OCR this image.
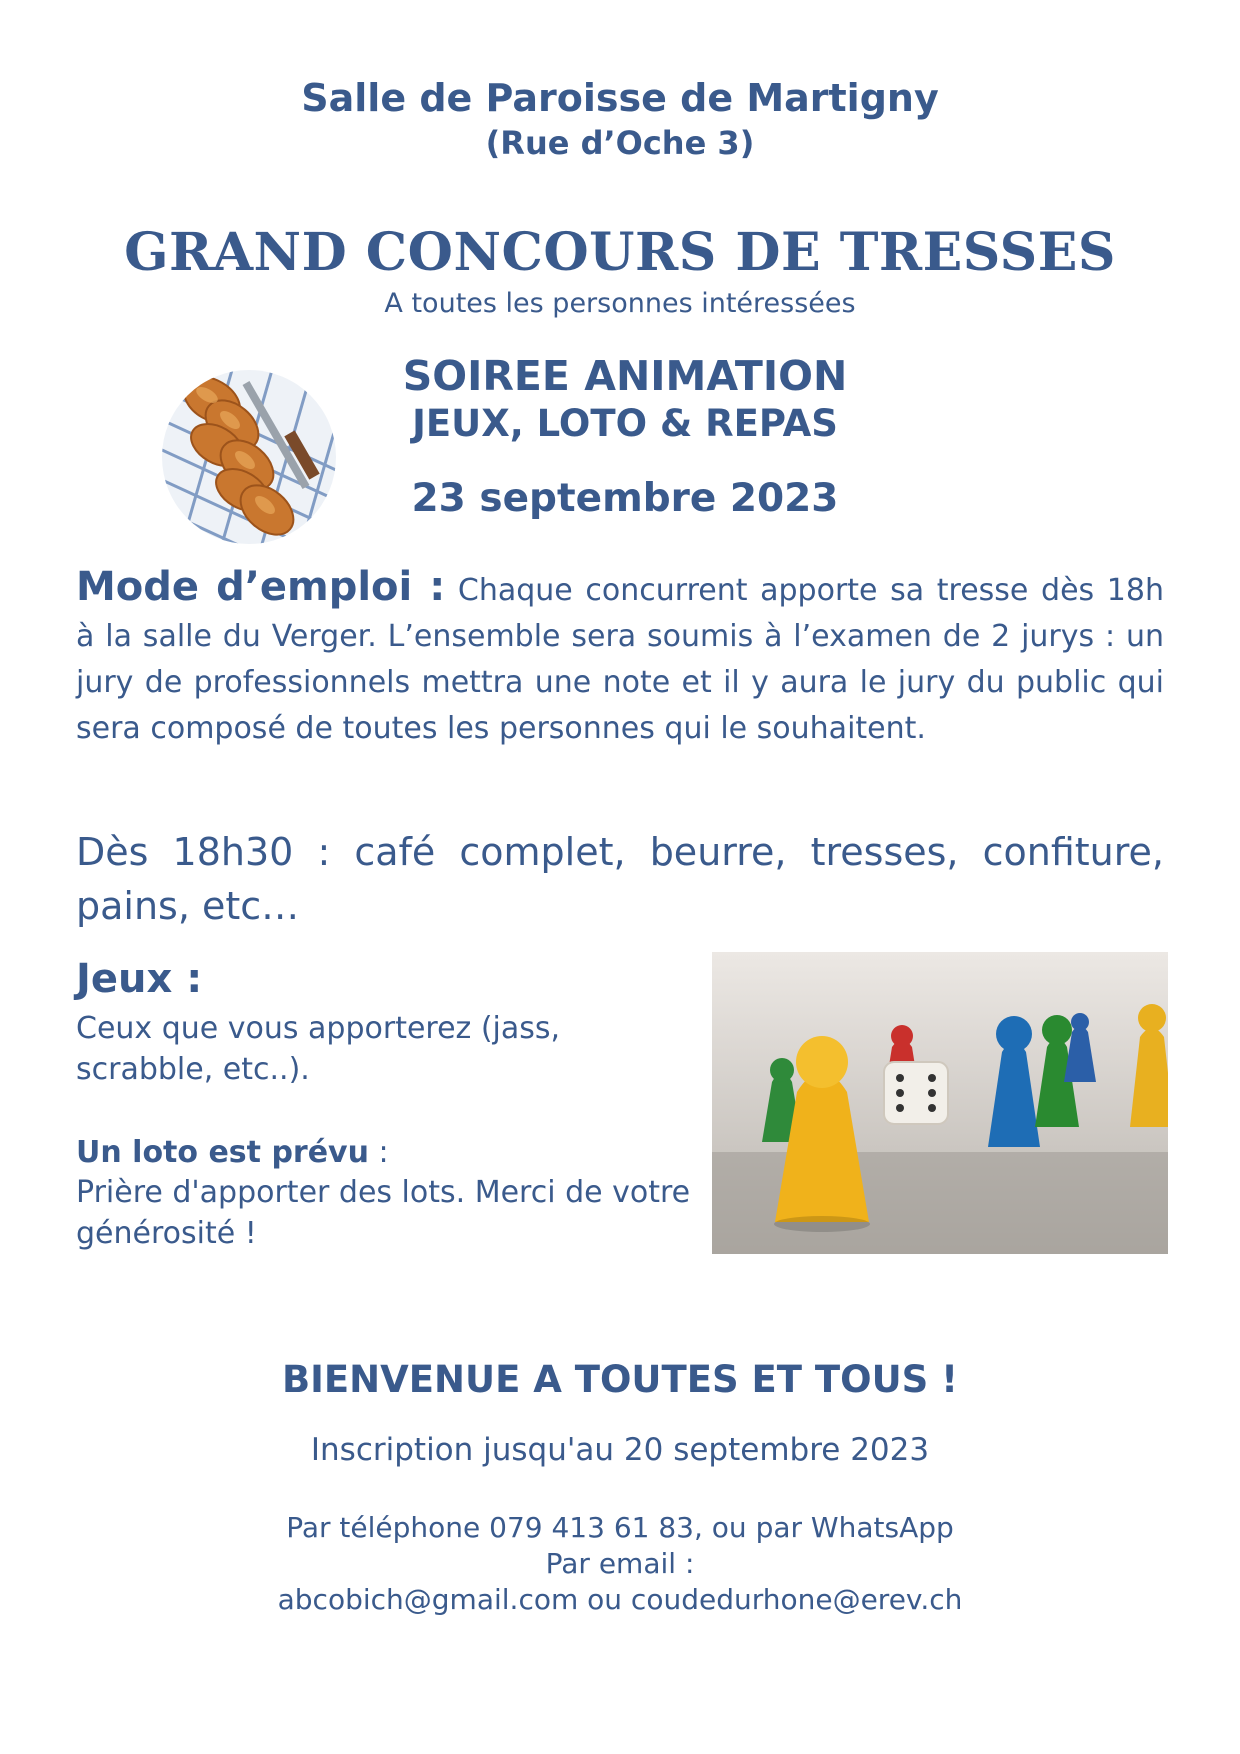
Salle de Paroisse de Martigny
(Rue d’Oche 3)
GRAND CONCOURS DE TRESSES
A toutes les personnes intéressées
SOIREE ANIMATION
JEUX, LOTO & REPAS
23 septembre 2023
Mode d’emploi : Chaque concurrent apporte sa tresse dès 18h à la salle du Verger. L’ensemble sera soumis à l’examen de 2 jurys : un jury de professionnels mettra une note et il y aura le jury du public qui sera composé de toutes les personnes qui le souhaitent.
Dès 18h30 : café complet, beurre, tresses, confiture, pains, etc…
Jeux :
Ceux que vous apporterez (jass, scrabble, etc..).
Un loto est prévu :
Prière d'apporter des lots. Merci de votre générosité !
BIENVENUE A TOUTES ET TOUS !
Inscription jusqu'au 20 septembre 2023
Par téléphone 079 413 61 83, ou par WhatsApp
Par email :
abcobich@gmail.com ou coudedurhone@erev.ch
